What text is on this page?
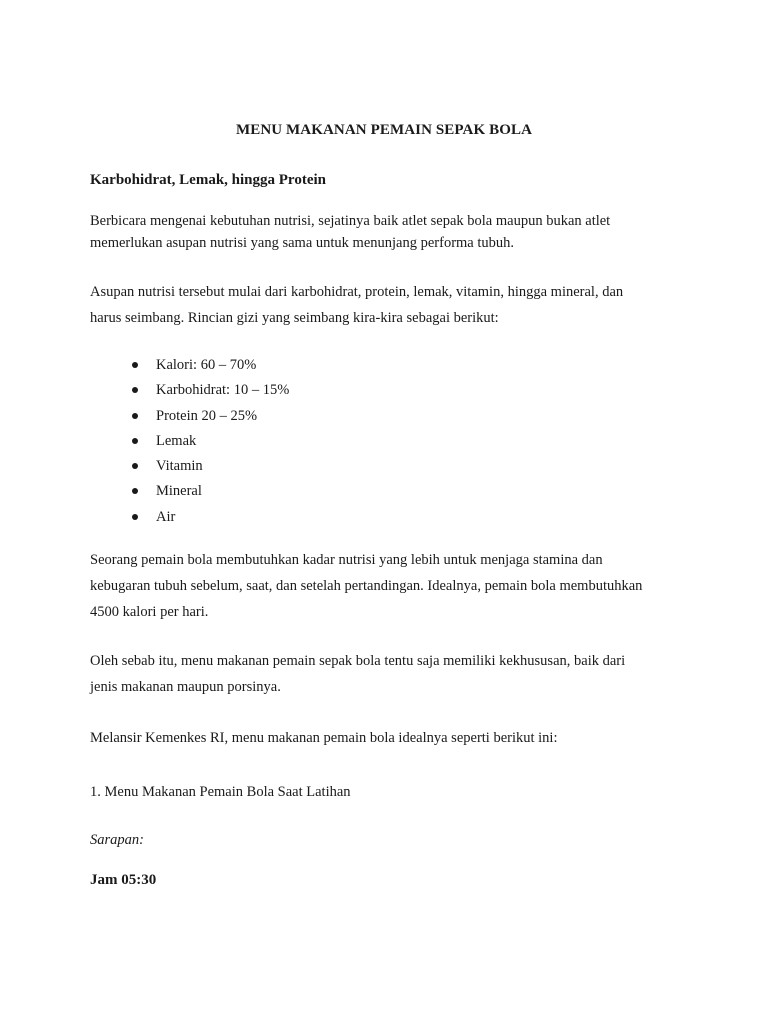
MENU MAKANAN PEMAIN SEPAK BOLA
Karbohidrat, Lemak, hingga Protein

Berbicara mengenai kebutuhan nutrisi, sejatinya baik atlet sepak bola maupun bukan atlet

memerlukan asupan nutrisi yang sama untuk menunjang performa tubuh.

Asupan nutrisi tersebut mulai dari karbohidrat, protein, lemak, vitamin, hingga mineral, dan

harus seimbang. Rincian gizi yang seimbang kira-kira sebagai berikut:

Kalori: 60 – 70%
Karbohidrat: 10 – 15%
Protein 20 – 25%
Lemak
Vitamin
Mineral
Air

Seorang pemain bola membutuhkan kadar nutrisi yang lebih untuk menjaga stamina dan

kebugaran tubuh sebelum, saat, dan setelah pertandingan. Idealnya, pemain bola membutuhkan

4500 kalori per hari.

Oleh sebab itu, menu makanan pemain sepak bola tentu saja memiliki kekhususan, baik dari

jenis makanan maupun porsinya.

Melansir Kemenkes RI, menu makanan pemain bola idealnya seperti berikut ini:

1. Menu Makanan Pemain Bola Saat Latihan

Sarapan:
Jam 05:30
